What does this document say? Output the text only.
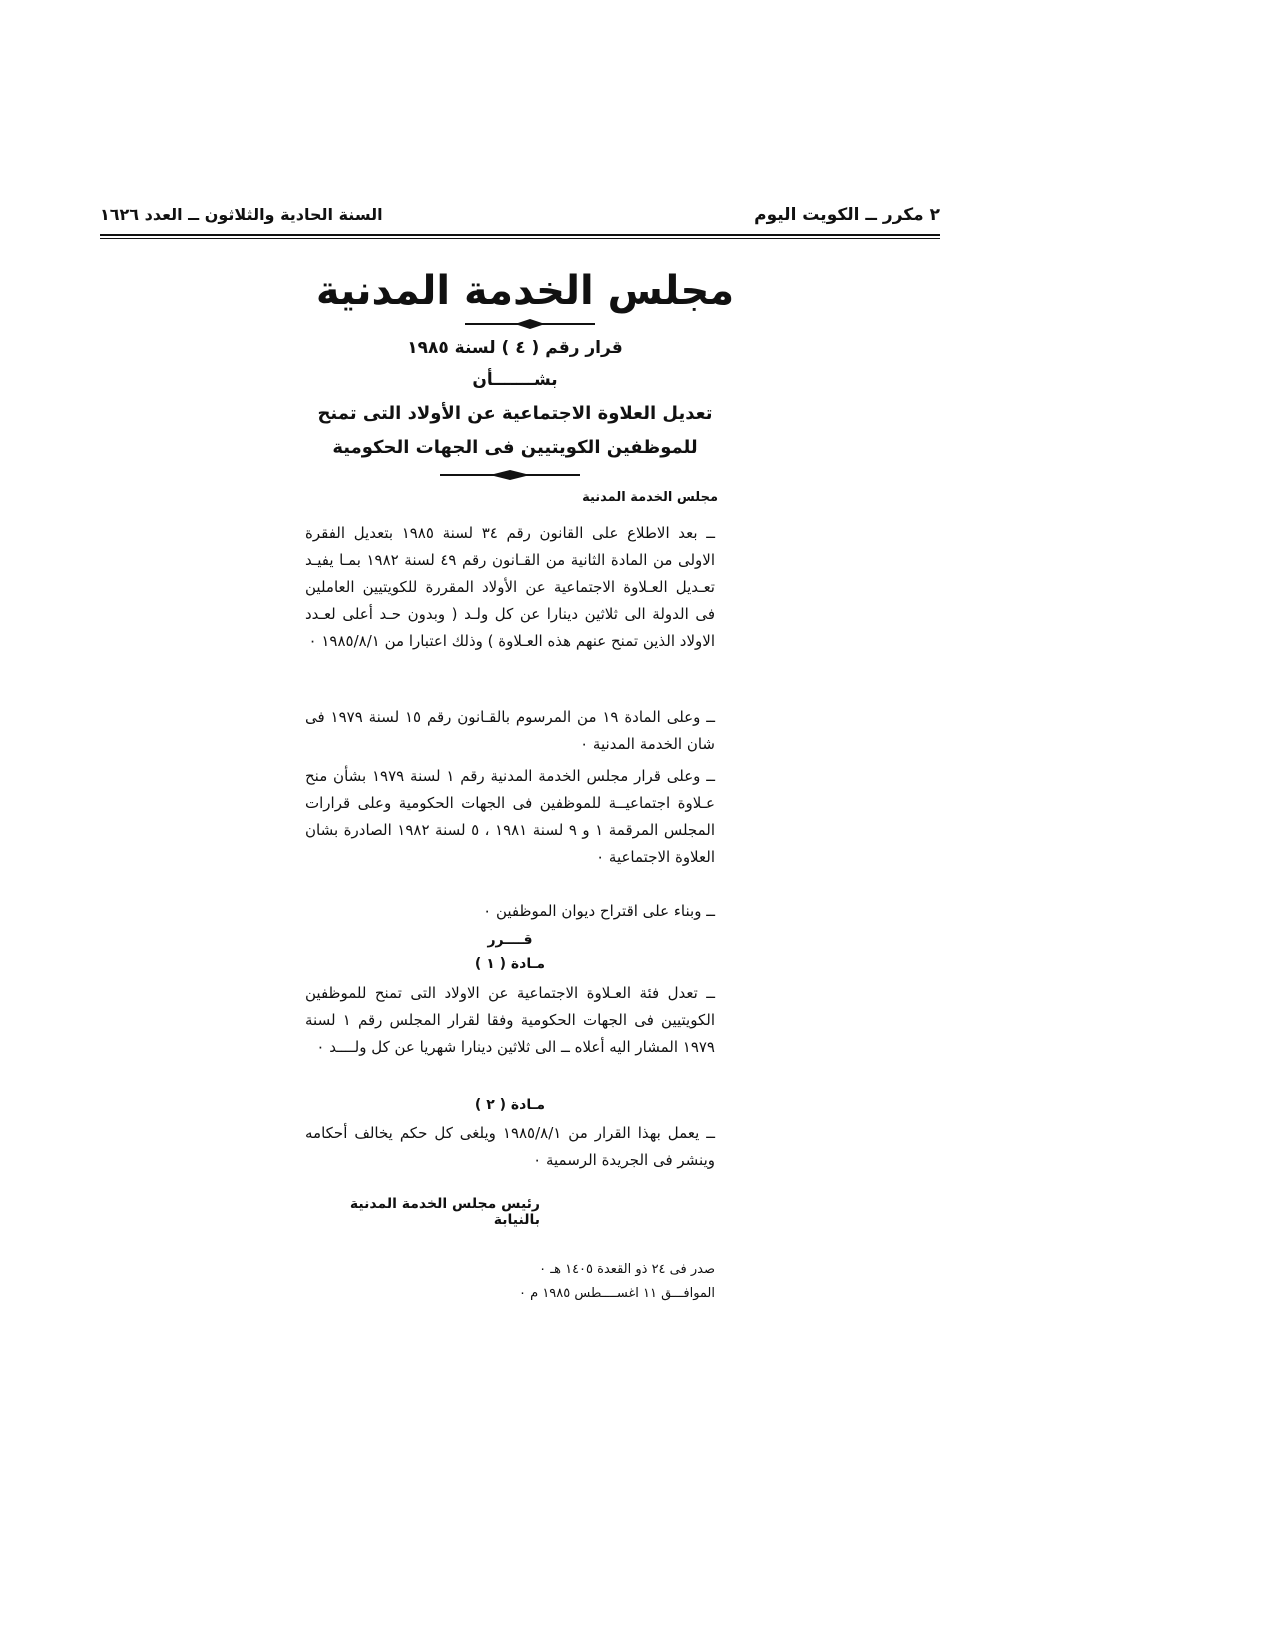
٢ مكرر ــ الكويت اليوم
السنة الحادية والثلاثون ــ العدد ١٦٢٦
مجلس الخدمة المدنية
قرار رقم ( ٤ ) لسنة ١٩٨٥
بشـــــــأن
تعديل العلاوة الاجتماعية عن الأولاد التى تمنح
للموظفين الكويتيين فى الجهات الحكومية
مجلس الخدمة المدنية
ــ بعد الاطلاع على القانون رقم ٣٤ لسنة ١٩٨٥ بتعديل الفقرة الاولى من المادة الثانية من القـانون رقم ٤٩ لسنة ١٩٨٢ بمـا يفيـد تعـديل العـلاوة الاجتماعية عن الأولاد المقررة للكويتيين العاملين فى الدولة الى ثلاثين دينارا عن كل ولـد ( وبدون حـد أعلى لعـدد الاولاد الذين تمنح عنهم هذه العـلاوة ) وذلك اعتبارا من ١٩٨٥/٨/١ ٠
ــ وعلى المادة ١٩ من المرسوم بالقـانون رقم ١٥ لسنة ١٩٧٩ فى شان الخدمة المدنية ٠
ــ وعلى قرار مجلس الخدمة المدنية رقم ١ لسنة ١٩٧٩ بشأن منح عـلاوة اجتماعيــة للموظفين فى الجهات الحكومية وعلى قرارات المجلس المرقمة ١ و ٩ لسنة ١٩٨١ ، ٥ لسنة ١٩٨٢ الصادرة بشان العلاوة الاجتماعية ٠
ــ وبناء على اقتراح ديوان الموظفين ٠
قــــرر
مـادة ( ١ )
ــ تعدل فئة العـلاوة الاجتماعية عن الاولاد التى تمنح للموظفين الكويتيين فى الجهات الحكومية وفقا لقرار المجلس رقم ١ لسنة ١٩٧٩ المشار اليه أعلاه ــ الى ثلاثين دينارا شهريا عن كل ولــــد ٠
مـادة ( ٢ )
ــ يعمل بهذا القرار من ١٩٨٥/٨/١ ويلغى كل حكم يخالف أحكامه وينشر فى الجريدة الرسمية ٠
رئيس مجلس الخدمة المدنية بالنيابة
صدر فى ٢٤ ذو القعدة ١٤٠٥ هـ ٠
الموافـــق ١١ اغســــطس ١٩٨٥ م ٠
